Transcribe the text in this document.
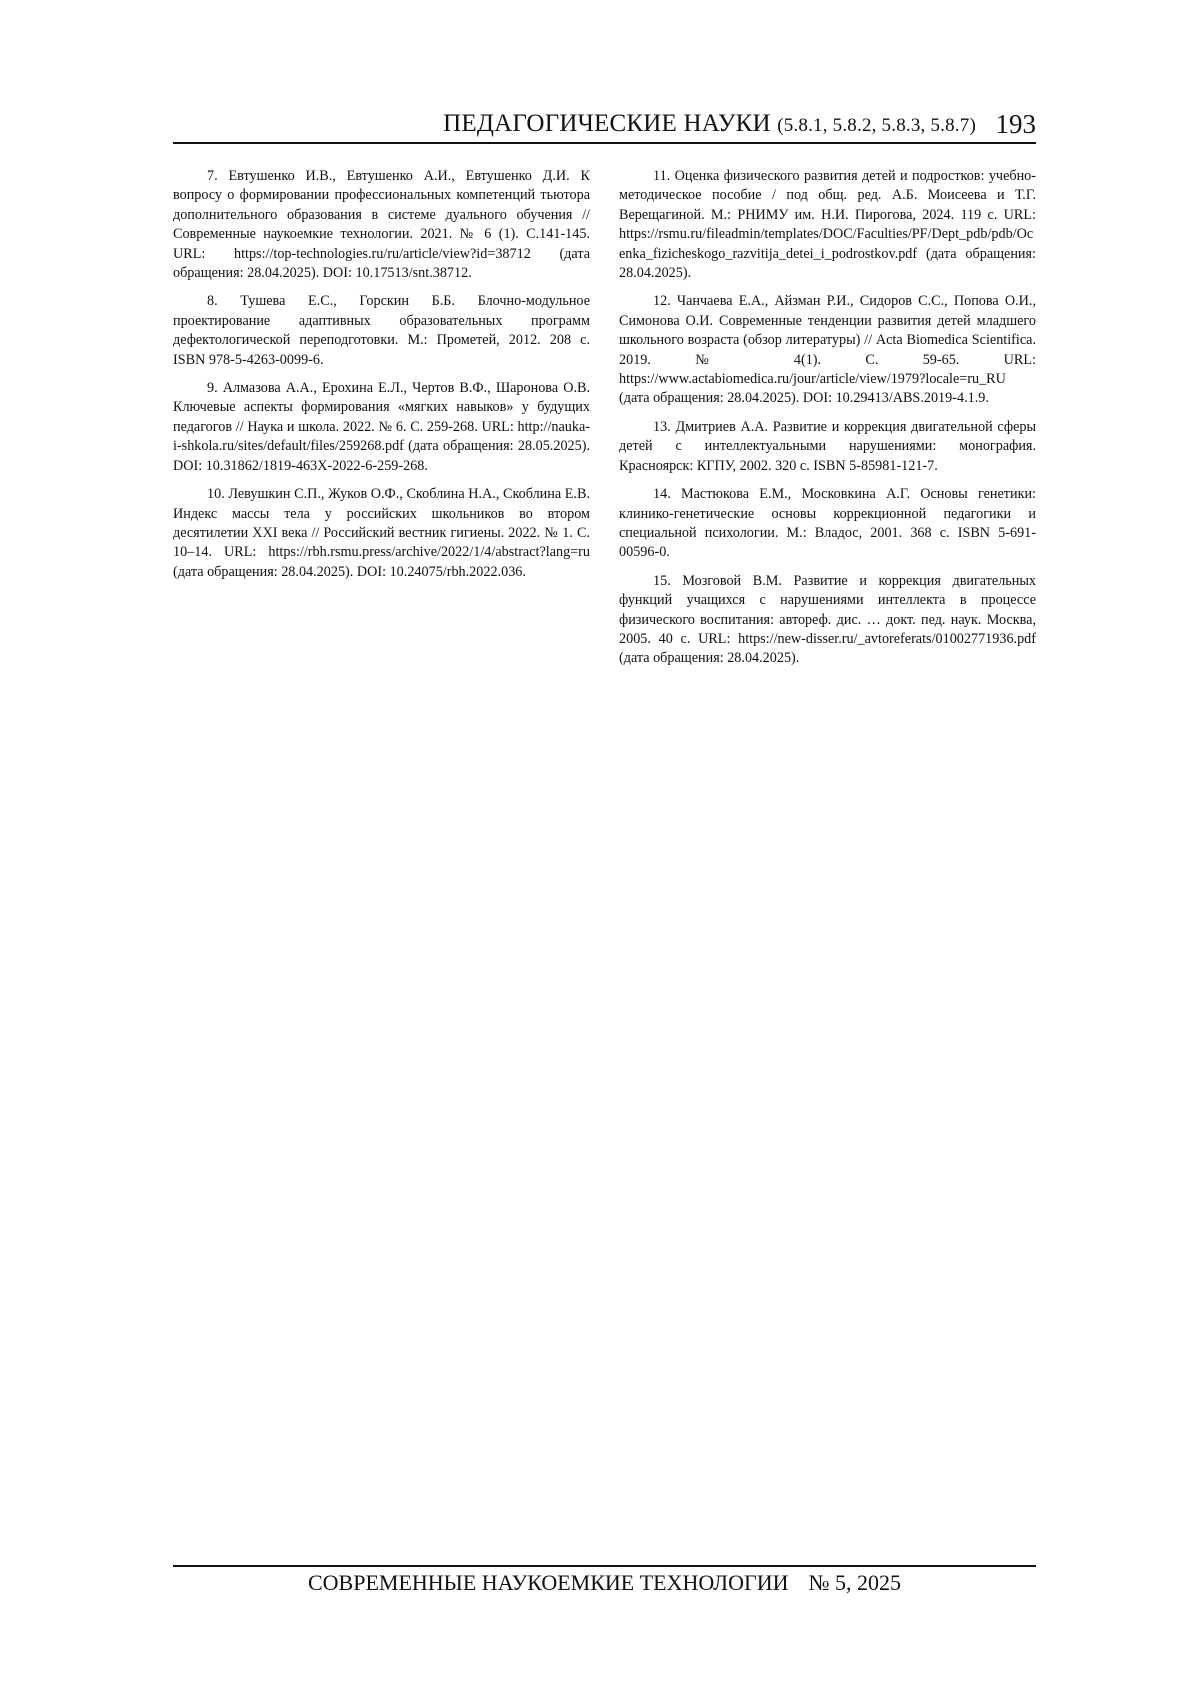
ПЕДАГОГИЧЕСКИЕ НАУКИ (5.8.1, 5.8.2, 5.8.3, 5.8.7) 193

7. Евтушенко И.В., Евтушенко А.И., Евтушенко Д.И. К вопросу о формировании профессиональных компетенций тьютора дополнительного образования в системе дуального обучения // Современные наукоемкие технологии. 2021. № 6 (1). С.141-145. URL: https://top-technologies.ru/ru/article/view?id=38712 (дата обращения: 28.04.2025). DOI: 10.17513/snt.38712.

8. Тушева Е.С., Горскин Б.Б. Блочно-модульное проектирование адаптивных образовательных программ дефектологической переподготовки. М.: Прометей, 2012. 208 с. ISBN 978-5-4263-0099-6.

9. Алмазова А.А., Ерохина Е.Л., Чертов В.Ф., Шаронова О.В. Ключевые аспекты формирования «мягких навыков» у будущих педагогов // Наука и школа. 2022. № 6. С. 259-268. URL: http://nauka-i-shkola.ru/sites/default/files/259268.pdf (дата обращения: 28.05.2025). DOI: 10.31862/1819-463X-2022-6-259-268.

10. Левушкин С.П., Жуков О.Ф., Скоблина Н.А., Скоблина Е.В. Индекс массы тела у российских школьников во втором десятилетии XXI века // Российский вестник гигиены. 2022. № 1. С. 10–14. URL: https://rbh.rsmu.press/archive/2022/1/4/abstract?lang=ru (дата обращения: 28.04.2025). DOI: 10.24075/rbh.2022.036.

11. Оценка физического развития детей и подростков: учебно-методическое пособие / под общ. ред. А.Б. Моисеева и Т.Г. Верещагиной. М.: РНИМУ им. Н.И. Пирогова, 2024. 119 с. URL: https://rsmu.ru/fileadmin/templates/DOC/Faculties/PF/Dept_pdb/pdb/Ocenka_fizicheskogo_razvitija_detei_i_podrostkov.pdf (дата обращения: 28.04.2025).

12. Чанчаева Е.А., Айзман Р.И., Сидоров С.С., Попова О.И., Симонова О.И. Современные тенденции развития детей младшего школьного возраста (обзор литературы) // Acta Biomedica Scientifica. 2019. № 4(1). С. 59-65. URL: https://www.actabiomedica.ru/jour/article/view/1979?locale=ru_RU (дата обращения: 28.04.2025). DOI: 10.29413/ABS.2019-4.1.9.

13. Дмитриев А.А. Развитие и коррекция двигательной сферы детей с интеллектуальными нарушениями: монография. Красноярск: КГПУ, 2002. 320 с. ISBN 5-85981-121-7.

14. Мастюкова Е.М., Московкина А.Г. Основы генетики: клинико-генетические основы коррекционной педагогики и специальной психологии. М.: Владос, 2001. 368 с. ISBN 5-691-00596-0.

15. Мозговой В.М. Развитие и коррекция двигательных функций учащихся с нарушениями интеллекта в процессе физического воспитания: автореф. дис. … докт. пед. наук. Москва, 2005. 40 с. URL: https://new-disser.ru/_avtoreferats/01002771936.pdf (дата обращения: 28.04.2025).

СОВРЕМЕННЫЕ НАУКОЕМКИЕ ТЕХНОЛОГИИ № 5, 2025
